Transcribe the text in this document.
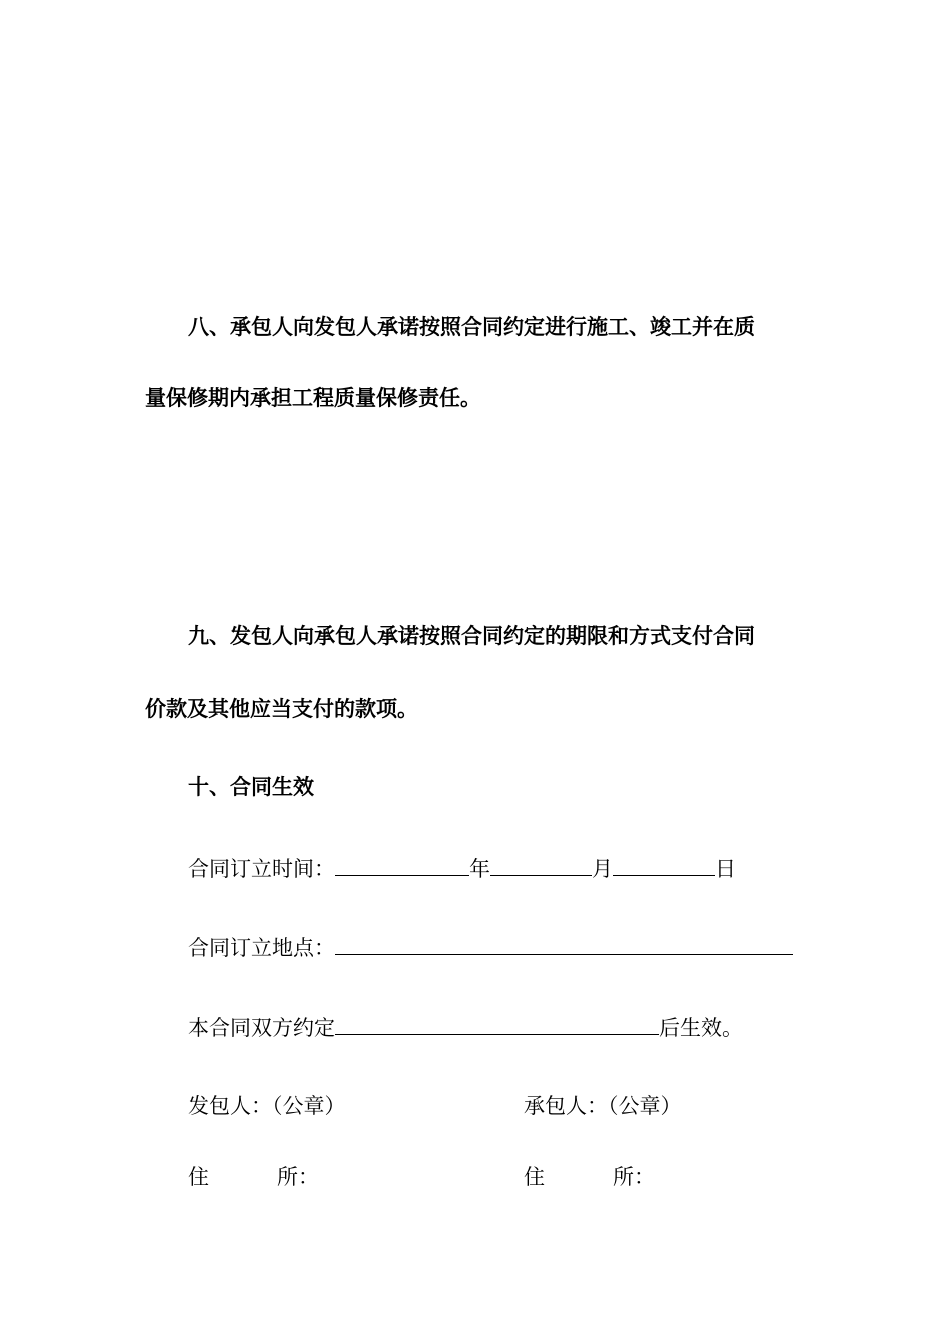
八、承包人向发包人承诺按照合同约定进行施工、竣工并在质
量保修期内承担工程质量保修责任。
九、发包人向承包人承诺按照合同约定的期限和方式支付合同
价款及其他应当支付的款项。
十、合同生效
合同订立时间：	年	月	日
合同订立地点：
本合同双方约定	后生效。
发包人：（公章）	承包人：（公章）
住	所：	住	所：
